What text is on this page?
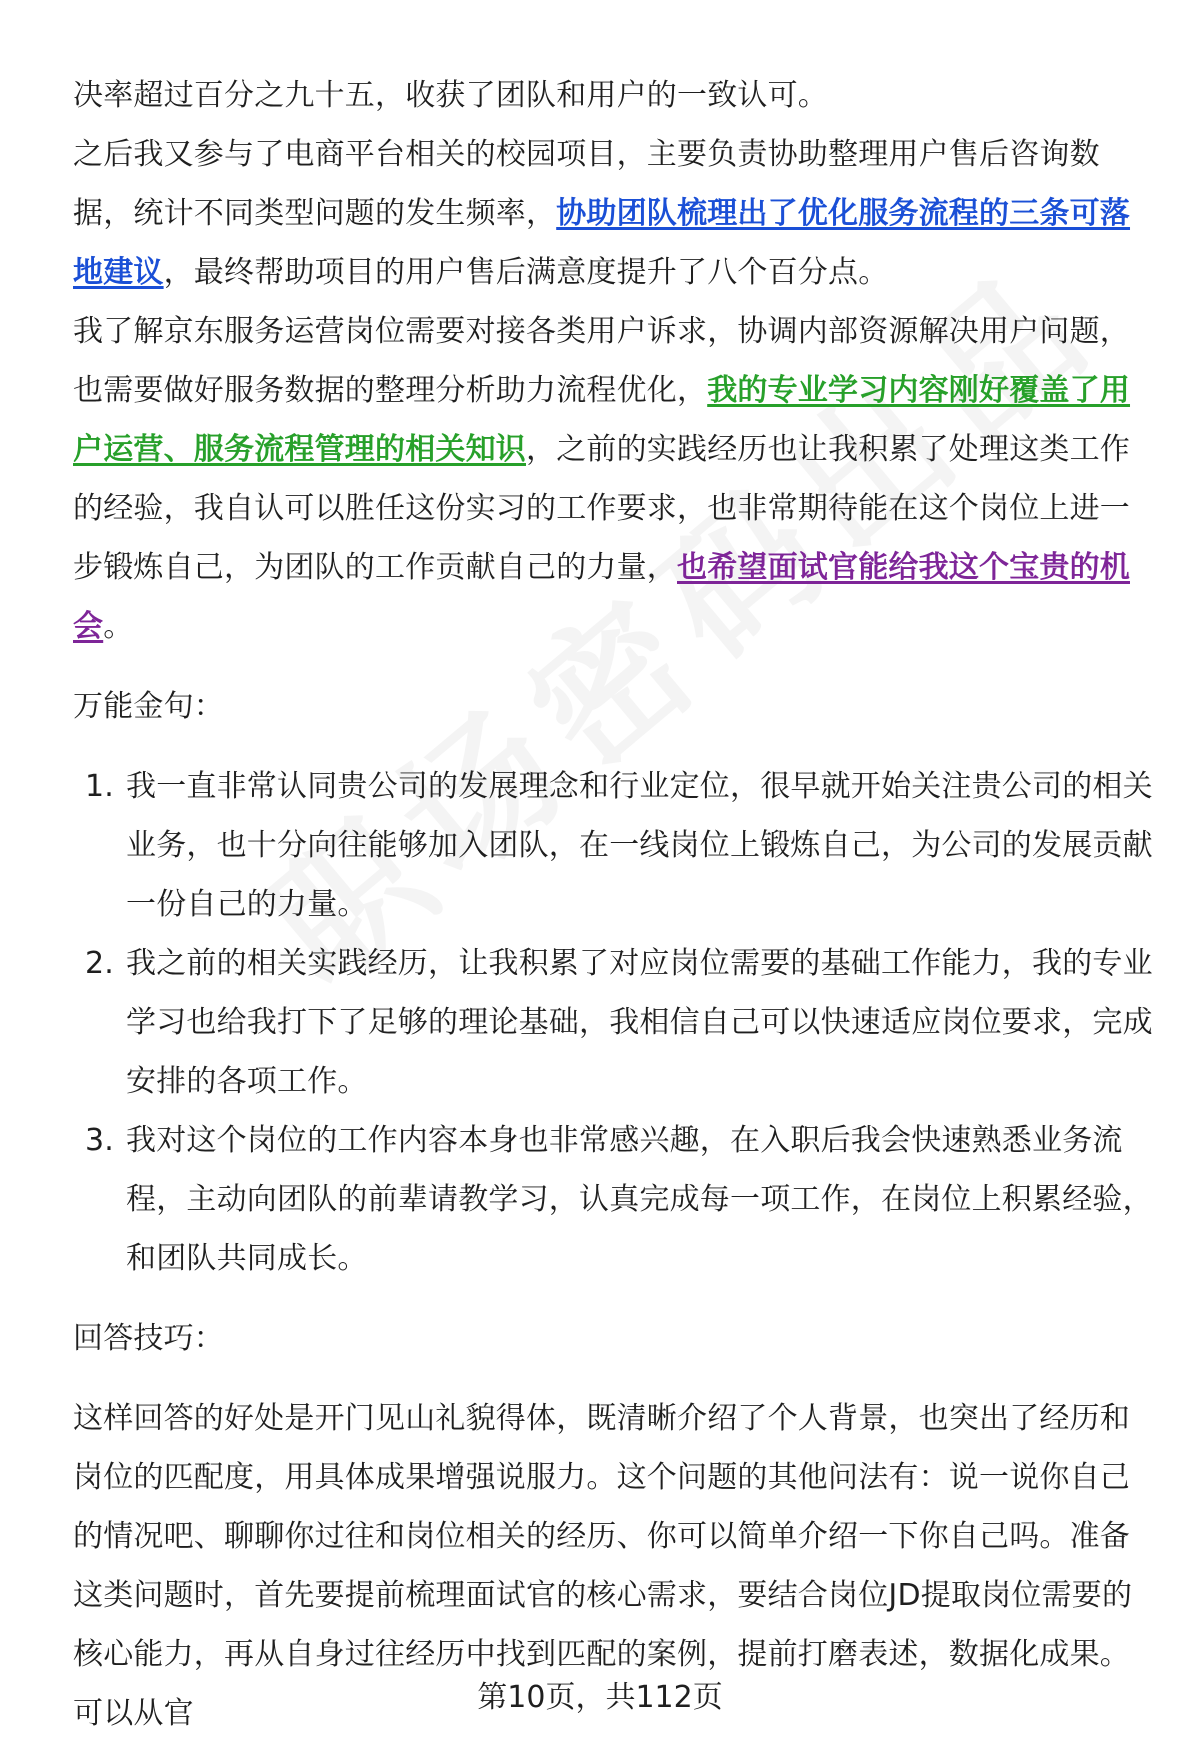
决率超过百分之九十五，收获了团队和用户的一致认可。

之后我又参与了电商平台相关的校园项目，主要负责协助整理用户售后咨询数据，统计不同类型问题的发生频率，协助团队梳理出了优化服务流程的三条可落地建议，最终帮助项目的用户售后满意度提升了八个百分点。

我了解京东服务运营岗位需要对接各类用户诉求，协调内部资源解决用户问题，也需要做好服务数据的整理分析助力流程优化，我的专业学习内容刚好覆盖了用户运营、服务流程管理的相关知识，之前的实践经历也让我积累了处理这类工作的经验，我自认可以胜任这份实习的工作要求，也非常期待能在这个岗位上进一步锻炼自己，为团队的工作贡献自己的力量，也希望面试官能给我这个宝贵的机会。

万能金句：

1. 我一直非常认同贵公司的发展理念和行业定位，很早就开始关注贵公司的相关业务，也十分向往能够加入团队，在一线岗位上锻炼自己，为公司的发展贡献一份自己的力量。
2. 我之前的相关实践经历，让我积累了对应岗位需要的基础工作能力，我的专业学习也给我打下了足够的理论基础，我相信自己可以快速适应岗位要求，完成安排的各项工作。
3. 我对这个岗位的工作内容本身也非常感兴趣，在入职后我会快速熟悉业务流程，主动向团队的前辈请教学习，认真完成每一项工作，在岗位上积累经验，和团队共同成长。

回答技巧：

这样回答的好处是开门见山礼貌得体，既清晰介绍了个人背景，也突出了经历和岗位的匹配度，用具体成果增强说服力。这个问题的其他问法有：说一说你自己的情况吧、聊聊你过往和岗位相关的经历、你可以简单介绍一下你自己吗。准备这类问题时，首先要提前梳理面试官的核心需求，要结合岗位JD提取岗位需要的核心能力，再从自身过往经历中找到匹配的案例，提前打磨表述，数据化成果。可以从官	第10页，共112页
